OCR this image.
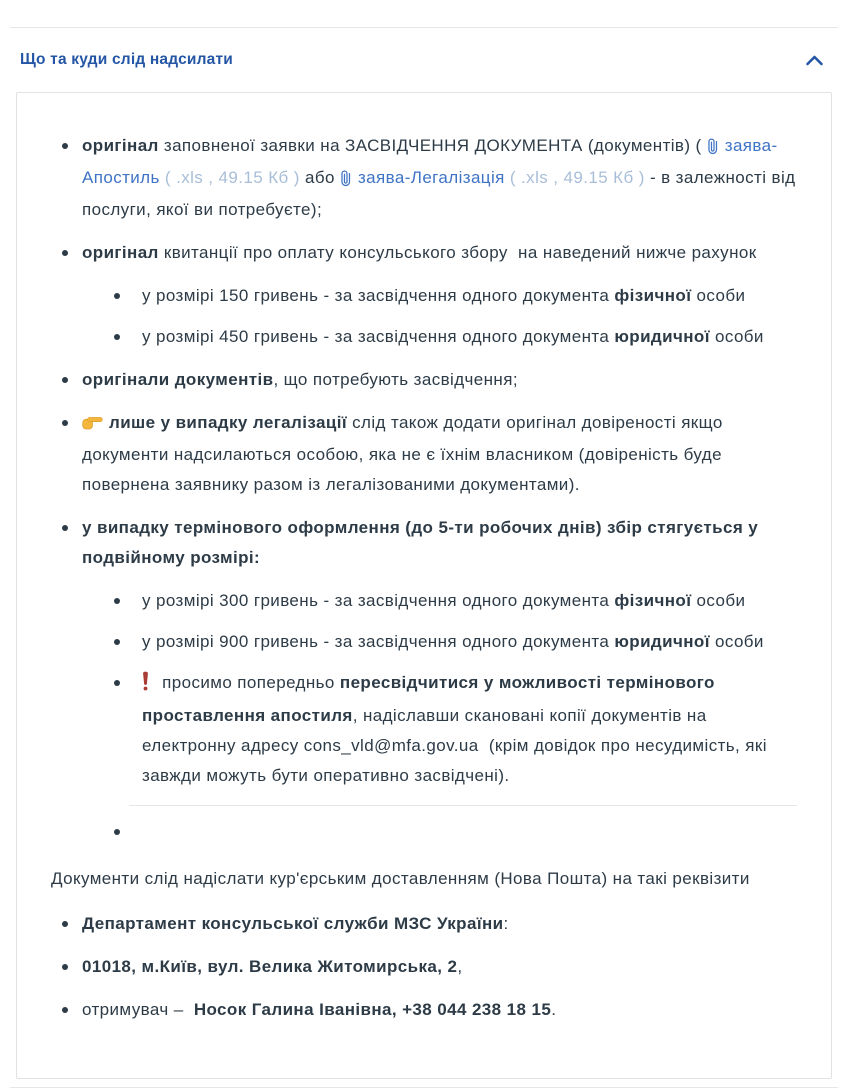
Що та куди слід надсилати
оригінал заповненої заявки на ЗАСВІДЧЕННЯ ДОКУМЕНТА (документів) ( заява-Апостиль ( .xls , 49.15 Кб ) або заява-Легалізація ( .xls , 49.15 Кб ) - в залежності від послуги, якої ви потребуєте);
оригінал квитанції про оплату консульського збору  на наведений нижче рахунок
у розмірі 150 гривень - за засвідчення одного документа фізичної особи
у розмірі 450 гривень - за засвідчення одного документа юридичної особи
оригінали документів, що потребують засвідчення;
лише у випадку легалізації слід також додати оригінал довіреності якщо документи надсилаються особою, яка не є їхнім власником (довіреність буде повернена заявнику разом із легалізованими документами).
у випадку термінового оформлення (до 5-ти робочих днів) збір стягується у подвійному розмірі:
у розмірі 300 гривень - за засвідчення одного документа фізичної особи
у розмірі 900 гривень - за засвідчення одного документа юридичної особи
просимо попередньо пересвідчитися у можливості термінового проставлення апостиля, надіславши скановані копії документів на електронну адресу cons_vld@mfa.gov.ua  (крім довідок про несудимість, які завжди можуть бути оперативно засвідчені).

Документи слід надіслати кур'єрським доставленням (Нова Пошта) на такі реквізити

Департамент консульської служби МЗС України:
01018, м.Київ, вул. Велика Житомирська, 2,
отримувач –  Носок Галина Іванівна, +38 044 238 18 15.
